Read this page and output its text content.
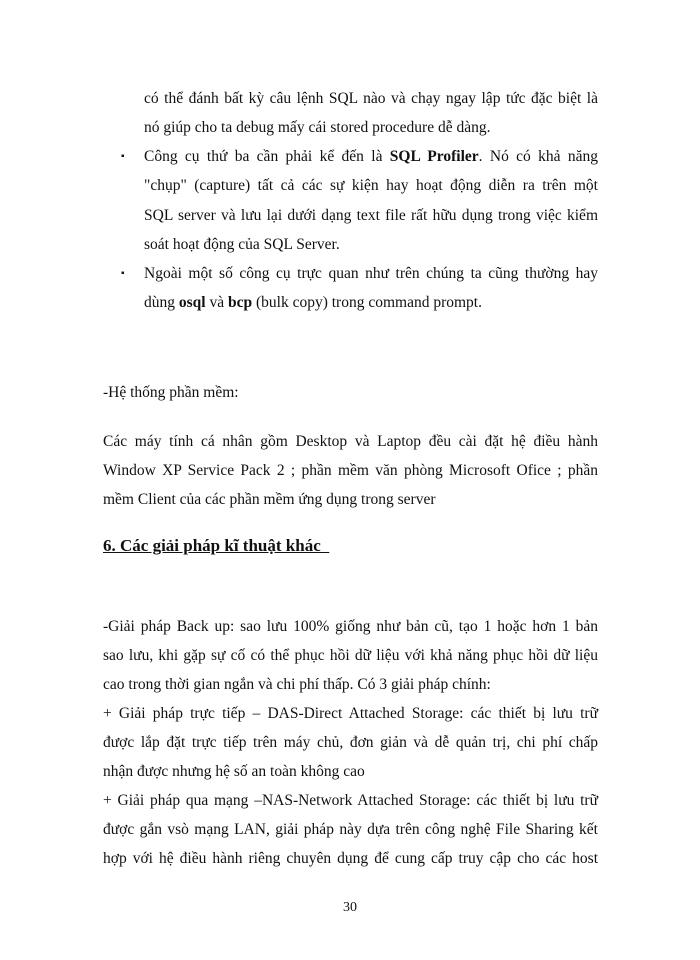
có thể đánh bất kỳ câu lệnh SQL nào và chạy ngay lập tức đặc biệt là
nó giúp cho ta debug mấy cái stored procedure dễ dàng.
▪ Công cụ thứ ba cần phải kể đến là SQL Profiler. Nó có khả năng
"chụp" (capture) tất cả các sự kiện hay hoạt động diễn ra trên một
SQL server và lưu lại dưới dạng text file rất hữu dụng trong việc kiểm
soát hoạt động của SQL Server.
▪ Ngoài một số công cụ trực quan như trên chúng ta cũng thường hay
dùng osql và bcp (bulk copy) trong command prompt.
-Hệ thống phần mềm:
Các máy tính cá nhân gồm Desktop và Laptop đều cài đặt hệ điều hành
Window XP Service Pack 2 ; phần mềm văn phòng Microsoft Ofice ; phần
mềm Client của các phần mềm ứng dụng trong server
6. Các giải pháp kĩ thuật khác
-Giải pháp Back up: sao lưu 100% giống như bản cũ, tạo 1 hoặc hơn 1 bản
sao lưu, khi gặp sự cố có thể phục hồi dữ liệu với khả năng phục hồi dữ liệu
cao trong thời gian ngắn và chi phí thấp. Có 3 giải pháp chính:
+ Giải pháp trực tiếp – DAS-Direct Attached Storage: các thiết bị lưu trữ
được lắp đặt trực tiếp trên máy chủ, đơn giản và dễ quản trị, chi phí chấp
nhận được nhưng hệ số an toàn không cao
+ Giải pháp qua mạng –NAS-Network Attached Storage: các thiết bị lưu trữ
được gắn vsò mạng LAN, giải pháp này dựa trên công nghệ File Sharing kết
hợp với hệ điều hành riêng chuyên dụng để cung cấp truy cập cho các host
30
